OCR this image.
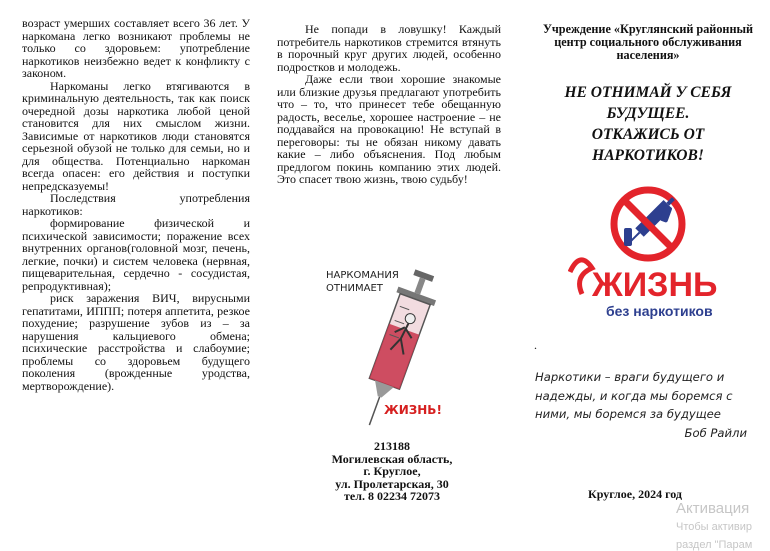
возраст умерших составляет всего 36 лет. У наркомана легко возникают проблемы не только со здоровьем: употребление наркотиков неизбежно ведет к конфликту с законом.

Наркоманы легко втягиваются в криминальную деятельность, так как поиск очередной дозы наркотика любой ценой становится для них смыслом жизни. Зависимые от наркотиков люди становятся серьезной обузой не только для семьи, но и для общества. Потенциально наркоман всегда опасен: его действия и поступки непредсказуемы!

Последствия употребления наркотиков:

формирование физической и психической зависимости; поражение всех внутренних органов(головной мозг, печень, легкие, почки) и систем человека (нервная, пищеварительная, сердечно - сосудистая, репродуктивная);

риск заражения ВИЧ, вирусными гепатитами, ИППП; потеря аппетита, резкое похудение; разрушение зубов из – за нарушения кальциевого обмена; психические расстройства и слабоумие; проблемы со здоровьем будущего поколения (врожденные уродства, мертворождение).

Не попади в ловушку! Каждый потребитель наркотиков стремится втянуть в порочный круг других людей, особенно подростков и молодежь.

Даже если твои хорошие знакомые или близкие друзья предлагают употребить что – то, что принесет тебе обещанную радость, веселье, хорошее настроение – не поддавайся на провокацию! Не вступай в переговоры: ты не обязан никому давать какие – либо объяснения. Под любым предлогом покинь компанию этих людей. Это спасет твою жизнь, твою судьбу!

НАРКОМАНИЯ
ОТНИМАЕТ
ЖИЗНЬ!
213188
Могилевская область,
г. Круглое,
ул. Пролетарская, 30
тел. 8 02234 72073
Учреждение «Круглянский районный центр социального обслуживания населения»
НЕ ОТНИМАЙ У СЕБЯ
БУДУЩЕЕ.
ОТКАЖИСЬ ОТ
НАРКОТИКОВ!
ЖИЗНЬ
без наркотиков
.
Наркотики – враги будущего и
надежды, и когда мы боремся с
ними, мы боремся за будущее
Боб Райли
Круглое, 2024 год
Активация
Чтобы активир
раздел "Парам
